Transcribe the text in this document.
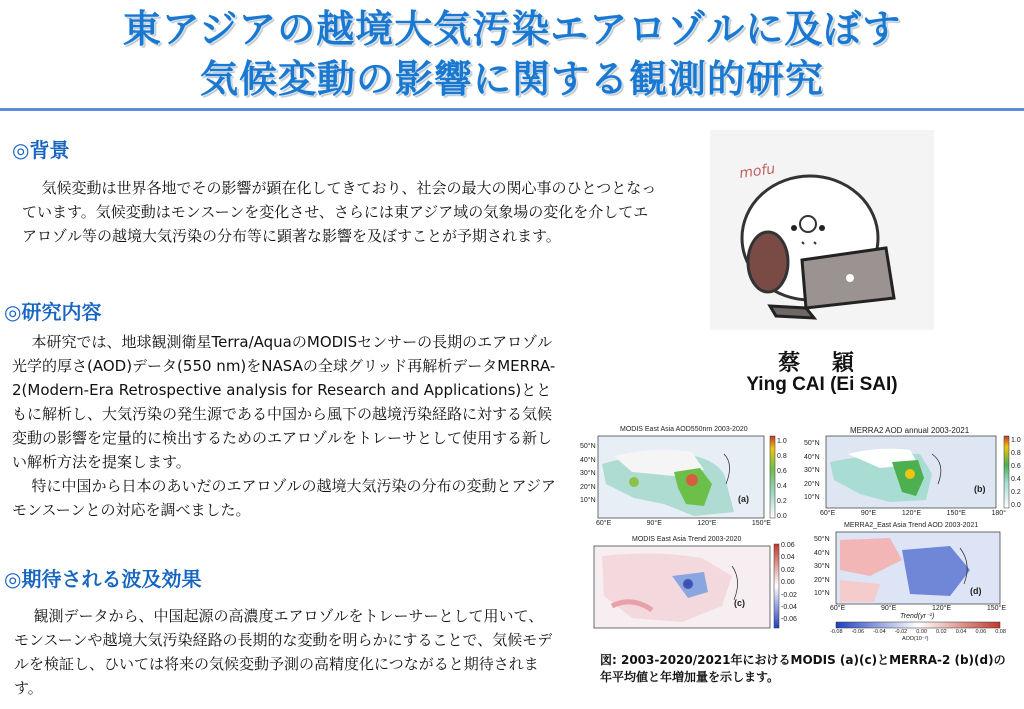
東アジアの越境大気汚染エアロゾルに及ぼす
気候変動の影響に関する観測的研究
◎背景

気候変動は世界各地でその影響が顕在化してきており、社会の最大の関心事のひとつとなっています。気候変動はモンスーンを変化させ、さらには東アジア域の気象場の変化を介してエアロゾル等の越境大気汚染の分布等に顕著な影響を及ぼすことが予期されます。

◎研究内容

本研究では、地球観測衛星Terra/AquaのMODISセンサーの長期のエアロゾル光学的厚さ(AOD)データ(550 nm)をNASAの全球グリッド再解析データMERRA-2(Modern-Era Retrospective analysis for Research and Applications)とともに解析し、大気汚染の発生源である中国から風下の越境汚染経路に対する気候変動の影響を定量的に検出するためのエアロゾルをトレーサとして使用する新しい解析方法を提案します。

特に中国から日本のあいだのエアロゾルの越境大気汚染の分布の変動とアジアモンスーンとの対応を調べました。

◎期待される波及効果

観測データから、中国起源の高濃度エアロゾルをトレーサーとして用いて、モンスーンや越境大気汚染経路の長期的な変動を明らかにすることで、気候モデルを検証し、ひいては将来の気候変動予測の高精度化につながると期待されます。

mofu
蔡 穎
Ying CAI (Ei SAI)
MODIS East Asia AOD550nm 2003-2020
50°N
40°N
30°N
20°N
10°N
60°E	90°E	120°E	150°E
1.0
0.8
0.6
0.4
0.2
0.0
(a)
MERRA2 AOD annual 2003-2021
50°N
40°N
30°N
20°N
10°N
60°E	90°E	120°E	150°E	180°
1.0
0.8
0.6
0.4
0.2
0.0
(b)
MODIS East Asia Trend 2003-2020
0.06
0.04
0.02
0.00
-0.02
-0.04
-0.06
(c)
MERRA2_East Asia Trend AOD 2003-2021
50°N
40°N
30°N
20°N
10°N
60°E	90°E	120°E	150°E
Trend(yr⁻¹)
-0.08 -0.06 -0.04 -0.02 0.00 0.02 0.04 0.06 0.08
AOD(10⁻²)
(d)
図: 2003-2020/2021年におけるMODIS (a)(c)とMERRA-2 (b)(d)の年平均値と年増加量を示します。
